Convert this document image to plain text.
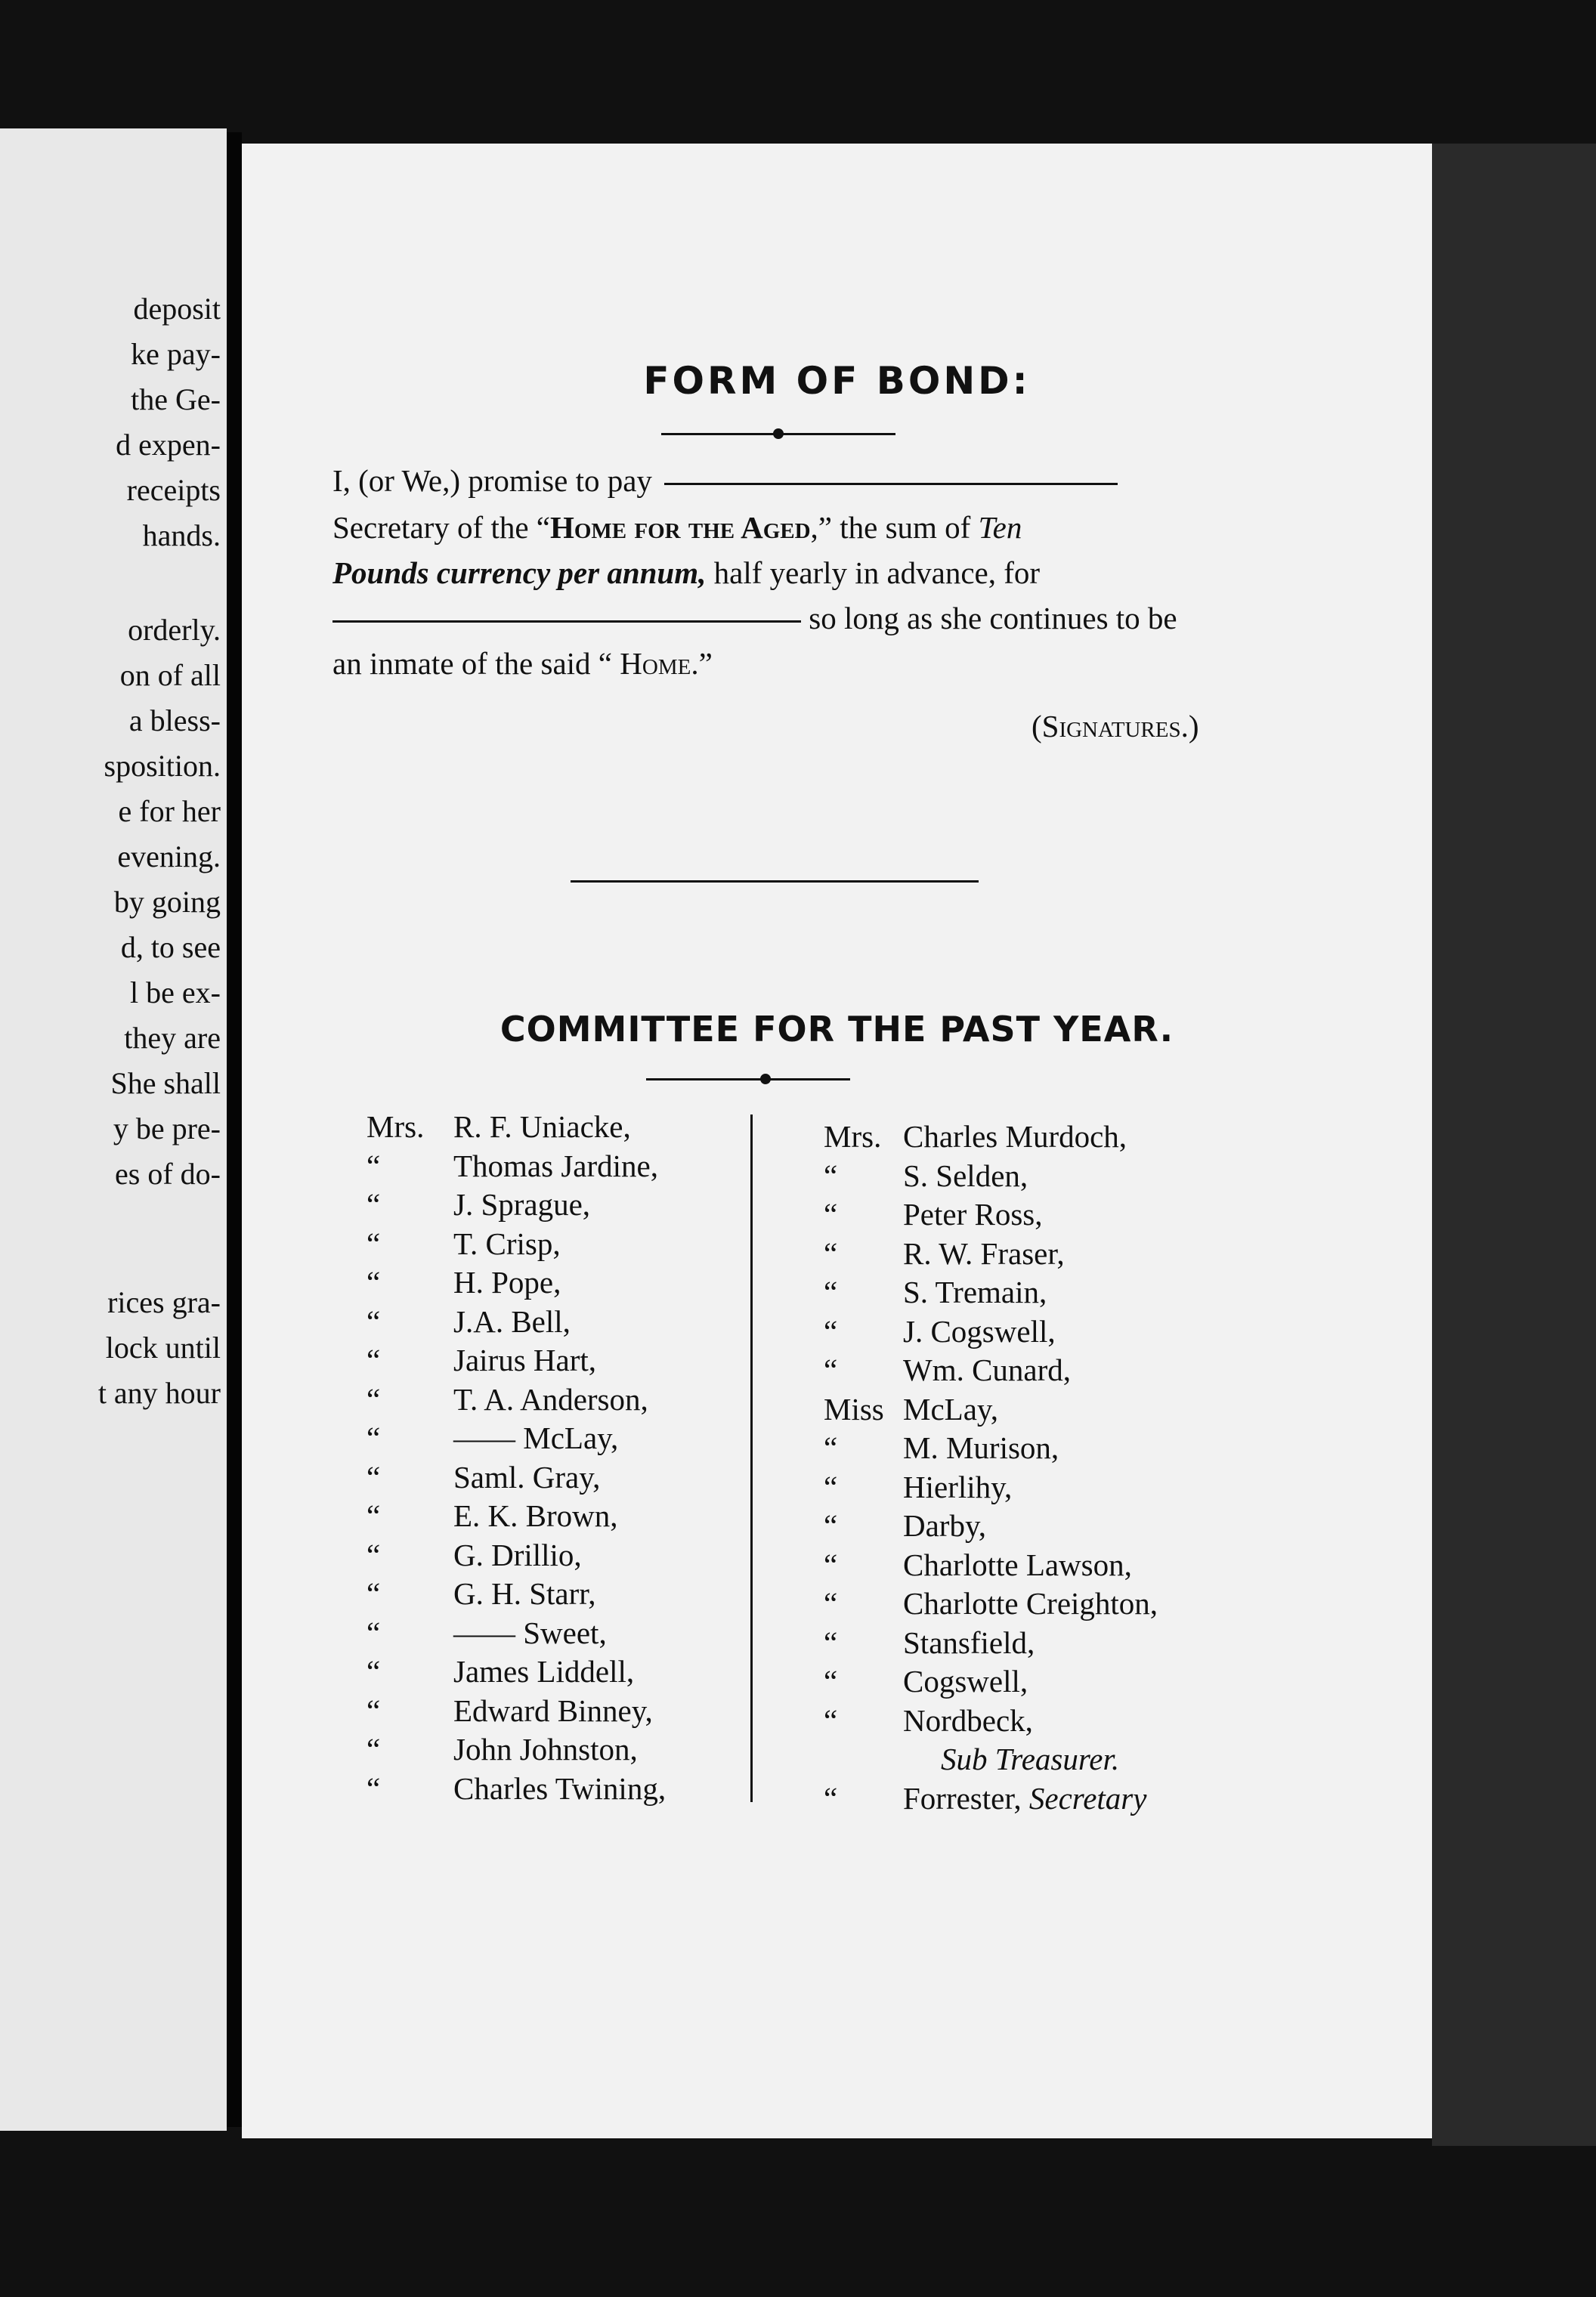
deposit
ke pay-
the Ge-
d expen-
receipts
hands.
orderly.
on of all
a bless-
sposition.
e for her
evening.
by going
d, to see
l be ex-
they are
She shall
y be pre-
es of do-
rices gra-
lock until
t any hour
FORM OF BOND:
I, (or We,) promise to pay
Secretary of the “Home for the Aged,” the sum of Ten
Pounds currency per annum, half yearly in advance, for
so long as she continues to be
an inmate of the said “ Home.”
(Signatures.)
COMMITTEE FOR THE PAST YEAR.
Mrs. R. F. Uniacke,
“ Thomas Jardine,
“ J. Sprague,
“ T. Crisp,
“ H. Pope,
“ J.A. Bell,
“ Jairus Hart,
“ T. A. Anderson,
“ —— McLay,
“ Saml. Gray,
“ E. K. Brown,
“ G. Drillio,
“ G. H. Starr,
“ —— Sweet,
“ James Liddell,
“ Edward Binney,
“ John Johnston,
“ Charles Twining,
Mrs. Charles Murdoch,
“ S. Selden,
“ Peter Ross,
“ R. W. Fraser,
“ S. Tremain,
“ J. Cogswell,
“ Wm. Cunard,
Miss McLay,
“ M. Murison,
“ Hierlihy,
“ Darby,
“ Charlotte Lawson,
“ Charlotte Creighton,
“ Stansfield,
“ Cogswell,
“ Nordbeck,
Sub Treasurer.
“ Forrester, Secretary
